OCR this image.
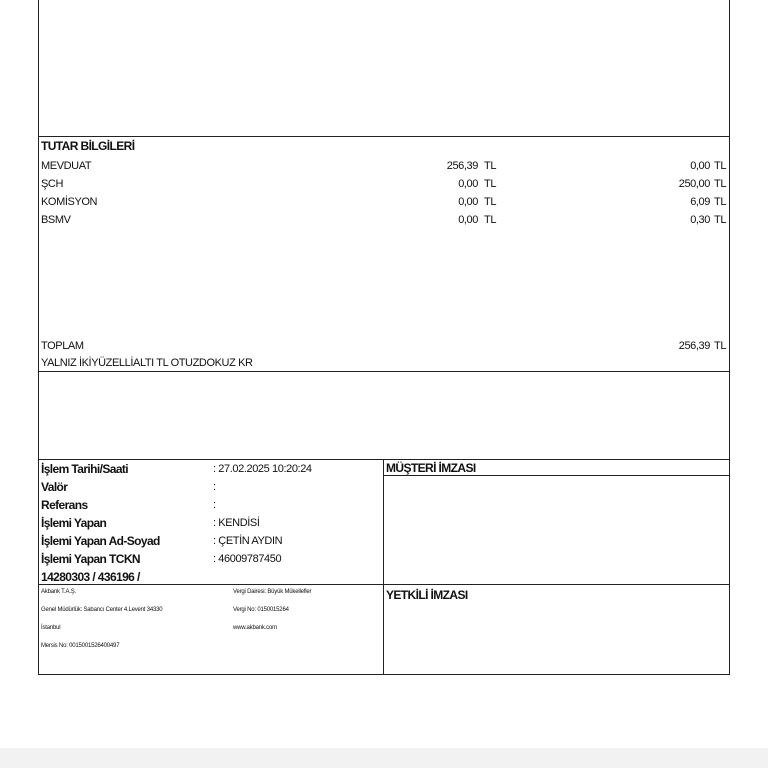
TUTAR BİLGİLERİ
MEVDUAT	256,39 TL	0,00 TL
ŞCH	0,00 TL	250,00 TL
KOMİSYON	0,00 TL	6,09 TL
BSMV	0,00 TL	0,30 TL
TOPLAM	256,39 TL
YALNIZ İKİYÜZELLİALTI TL OTUZDOKUZ KR
İşlem Tarihi/Saati	: 27.02.2025 10:20:24
Valör	:
Referans	:
İşlemi Yapan	: KENDİSİ
İşlemi Yapan Ad-Soyad	: ÇETİN AYDIN
İşlemi Yapan TCKN	: 46009787450
14280303 / 436196 /
MÜŞTERİ İMZASI
Akbank T.A.Ş.
Genel Müdürlük: Sabancı Center 4.Levent 34330
İstanbul
Mersis No: 0015001526400497
Vergi Dairesi: Büyük Mükellefler
Vergi No: 0150015264
www.akbank.com
YETKİLİ İMZASI
